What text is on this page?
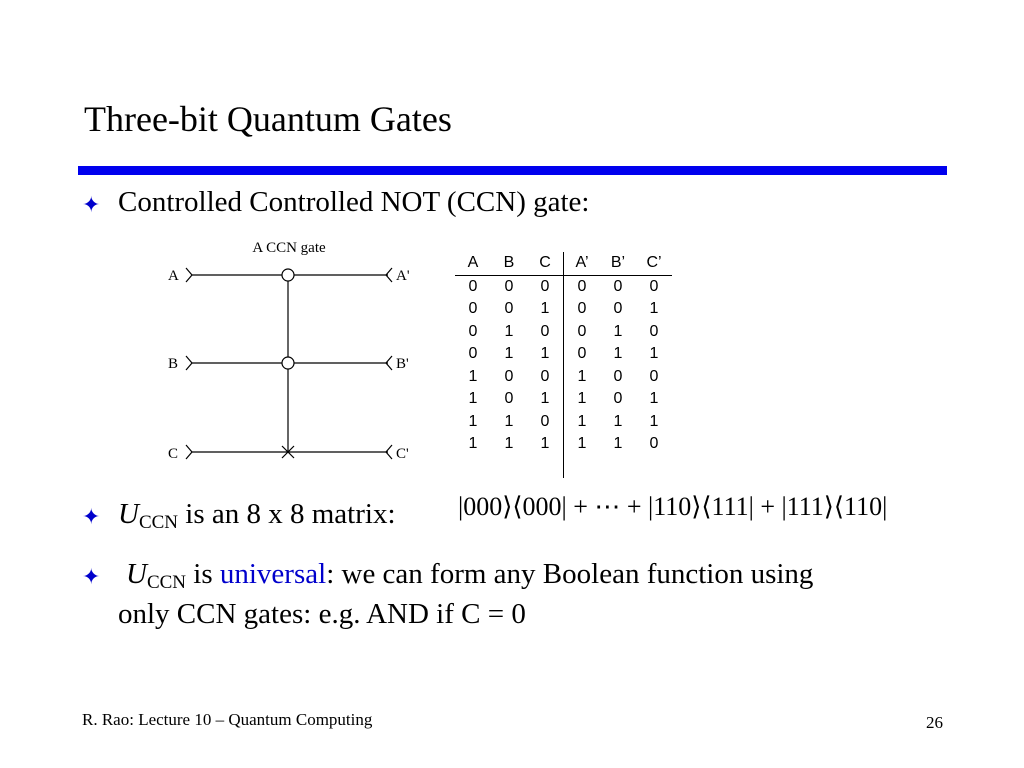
Three-bit Quantum Gates
✦ Controlled Controlled NOT (CCN) gate:
A CCN gate
A
B
C
A'
B'
C'
A	B	C	A’	B’	C’
0	0	0	0	0	0
0	0	1	0	0	1
0	1	0	0	1	0
0	1	1	0	1	1
1	0	0	1	0	0
1	0	1	1	0	1
1	1	0	1	1	1
1	1	1	1	1	0

✦ UCCN is an 8 x 8 matrix: |000⟩⟨000| + ⋯ + |110⟩⟨111| + |111⟩⟨110|
✦ UCCN is universal: we can form any Boolean function using
only CCN gates: e.g. AND if C = 0
R. Rao: Lecture 10 – Quantum Computing	26
